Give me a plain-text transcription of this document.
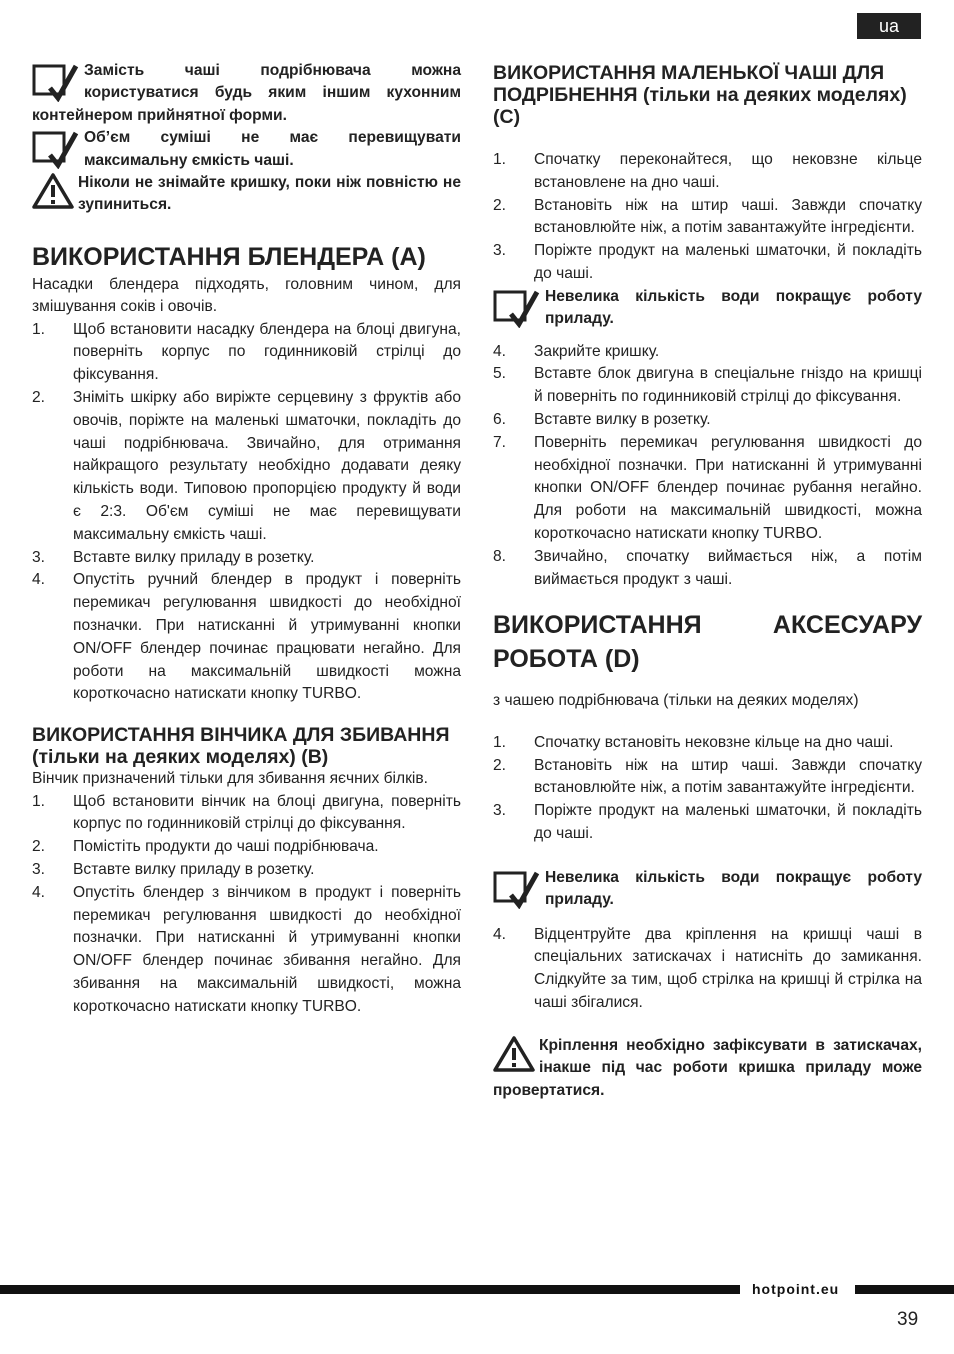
ua
Замість чаші подрібнювача можна користуватися будь яким іншим кухонним контейнером прийнятної форми.
Об’єм суміші не має перевищувати максимальну ємкість чаші.
Ніколи не знімайте кришку, поки ніж повністю не зупиниться.
ВИКОРИСТАННЯ БЛЕНДЕРА (A)

Насадки блендера підходять, головним чином, для змішування соків і овочів.

1. Щоб встановити насадку блендера на блоці двигуна, поверніть корпус по годинниковій стрілці до фіксування.
2. Зніміть шкірку або виріжте серцевину з фруктів або овочів, поріжте на маленькі шматочки, покладіть до чаші подрібнювача. Звичайно, для отримання найкращого результату необхідно додавати деяку кількість води. Типовою пропорцією продукту й води є 2:3. Об'єм суміші не має перевищувати максимальну ємкість чаші.
3. Вставте вилку приладу в розетку.
4. Опустіть ручний блендер в продукт і поверніть перемикач регулювання швидкості до необхідної позначки. При натисканні й утримуванні кнопки ON/OFF блендер починає працювати негайно. Для роботи на максимальній швидкості можна короткочасно натискати кнопку TURBO.
ВИКОРИСТАННЯ ВІНЧИКА ДЛЯ ЗБИВАННЯ (тільки на деяких моделях) (B)

Вінчик призначений тільки для збивання яєчних білків.

1. Щоб встановити вінчик на блоці двигуна, поверніть корпус по годинниковій стрілці до фіксування.
2. Помістіть продукти до чаші подрібнювача.
3. Вставте вилку приладу в розетку.
4. Опустіть блендер з вінчиком в продукт і поверніть перемикач регулювання швидкості до необхідної позначки. При натисканні й утримуванні кнопки ON/OFF блендер починає збивання негайно. Для збивання на максимальній швидкості, можна короткочасно натискати кнопку TURBO.
ВИКОРИСТАННЯ МАЛЕНЬКОЇ ЧАШІ ДЛЯ ПОДРІБНЕННЯ (тільки на деяких моделях) (C)
1. Спочатку переконайтеся, що нековзне кільце встановлене на дно чаші.
2. Встановіть ніж на штир чаші. Завжди спочатку встановлюйте ніж, а потім завантажуйте інгредієнти.
3. Поріжте продукт на маленькі шматочки, й покладіть до чаші.
Невелика кількість води покращує роботу приладу.
4. Закрийте кришку.
5. Вставте блок двигуна в спеціальне гніздо на кришці й поверніть по годинниковій стрілці до фіксування.
6. Вставте вилку в розетку.
7. Поверніть перемикач регулювання швидкості до необхідної позначки. При натисканні й утримуванні кнопки ON/OFF блендер починає рубання негайно. Для роботи на максимальній швидкості, можна короткочасно натискати кнопку TURBO.
8. Звичайно, спочатку виймається ніж, а потім виймається продукт з чаші.
ВИКОРИСТАННЯ АКСЕСУАРУ РОБОТА (D)

з чашею подрібнювача (тільки на деяких моделях)

1. Спочатку встановіть нековзне кільце на дно чаші.
2. Встановіть ніж на штир чаші. Завжди спочатку встановлюйте ніж, а потім завантажуйте інгредієнти.
3. Поріжте продукт на маленькі шматочки, й покладіть до чаші.
Невелика кількість води покращує роботу приладу.
4. Відцентруйте два кріплення на кришці чаші в спеціальних затискачах і натисніть до замикання. Слідкуйте за тим, щоб стрілка на кришці й стрілка на чаші збігалися.
Кріплення необхідно зафіксувати в затискачах, інакше під час роботи кришка приладу може провертатися.
hotpoint.eu
39
